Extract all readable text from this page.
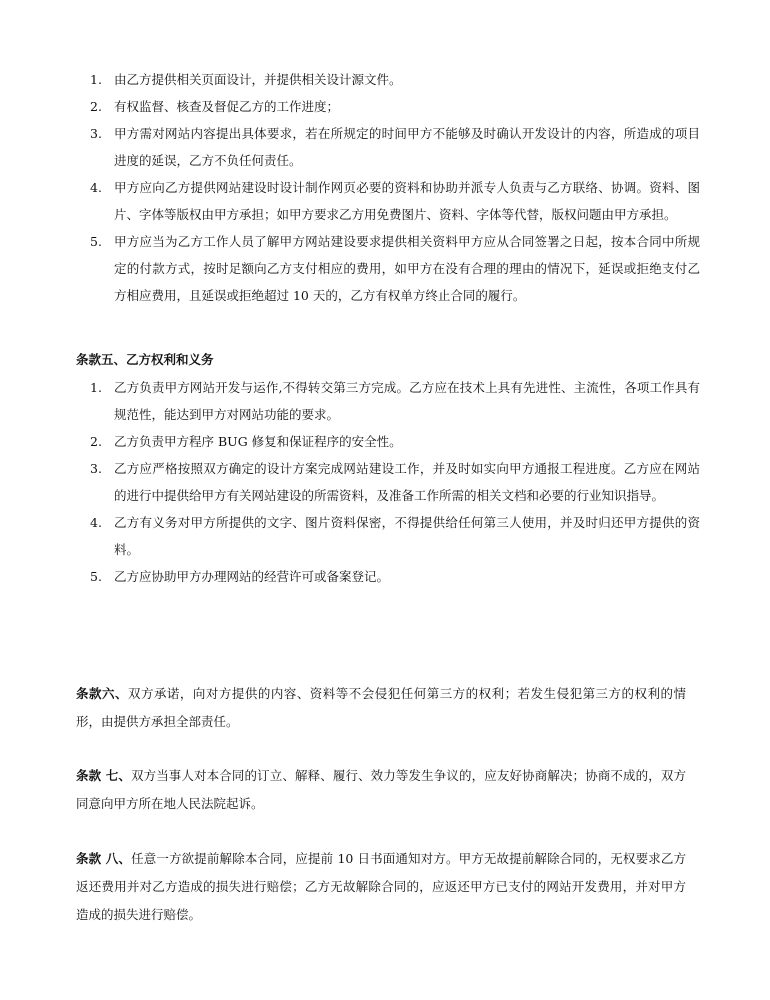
1. 由乙方提供相关页面设计，并提供相关设计源文件。

2. 有权监督、核查及督促乙方的工作进度；

3. 甲方需对网站内容提出具体要求，若在所规定的时间甲方不能够及时确认开发设计的内容，所造成的项目进度的延误，乙方不负任何责任。

4. 甲方应向乙方提供网站建设时设计制作网页必要的资料和协助并派专人负责与乙方联络、协调。资料、图片、字体等版权由甲方承担；如甲方要求乙方用免费图片、资料、字体等代替，版权问题由甲方承担。

5. 甲方应当为乙方工作人员了解甲方网站建设要求提供相关资料甲方应从合同签署之日起，按本合同中所规定的付款方式，按时足额向乙方支付相应的费用，如甲方在没有合理的理由的情况下，延误或拒绝支付乙方相应费用，且延误或拒绝超过 10 天的，乙方有权单方终止合同的履行。

条款五、乙方权利和义务
1. 乙方负责甲方网站开发与运作,不得转交第三方完成。乙方应在技术上具有先进性、主流性，各项工作具有规范性，能达到甲方对网站功能的要求。

2. 乙方负责甲方程序 BUG 修复和保证程序的安全性。

3. 乙方应严格按照双方确定的设计方案完成网站建设工作，并及时如实向甲方通报工程进度。乙方应在网站的进行中提供给甲方有关网站建设的所需资料，及准备工作所需的相关文档和必要的行业知识指导。

4. 乙方有义务对甲方所提供的文字、图片资料保密，不得提供给任何第三人使用，并及时归还甲方提供的资料。

5. 乙方应协助甲方办理网站的经营许可或备案登记。

条款六、双方承诺，向对方提供的内容、资料等不会侵犯任何第三方的权利；若发生侵犯第三方的权利的情形，由提供方承担全部责任。

条款 七、双方当事人对本合同的订立、解释、履行、效力等发生争议的，应友好协商解决；协商不成的，双方同意向甲方所在地人民法院起诉。

条款 八、任意一方欲提前解除本合同，应提前 10 日书面通知对方。甲方无故提前解除合同的，无权要求乙方返还费用并对乙方造成的损失进行赔偿；乙方无故解除合同的，应返还甲方已支付的网站开发费用，并对甲方造成的损失进行赔偿。
